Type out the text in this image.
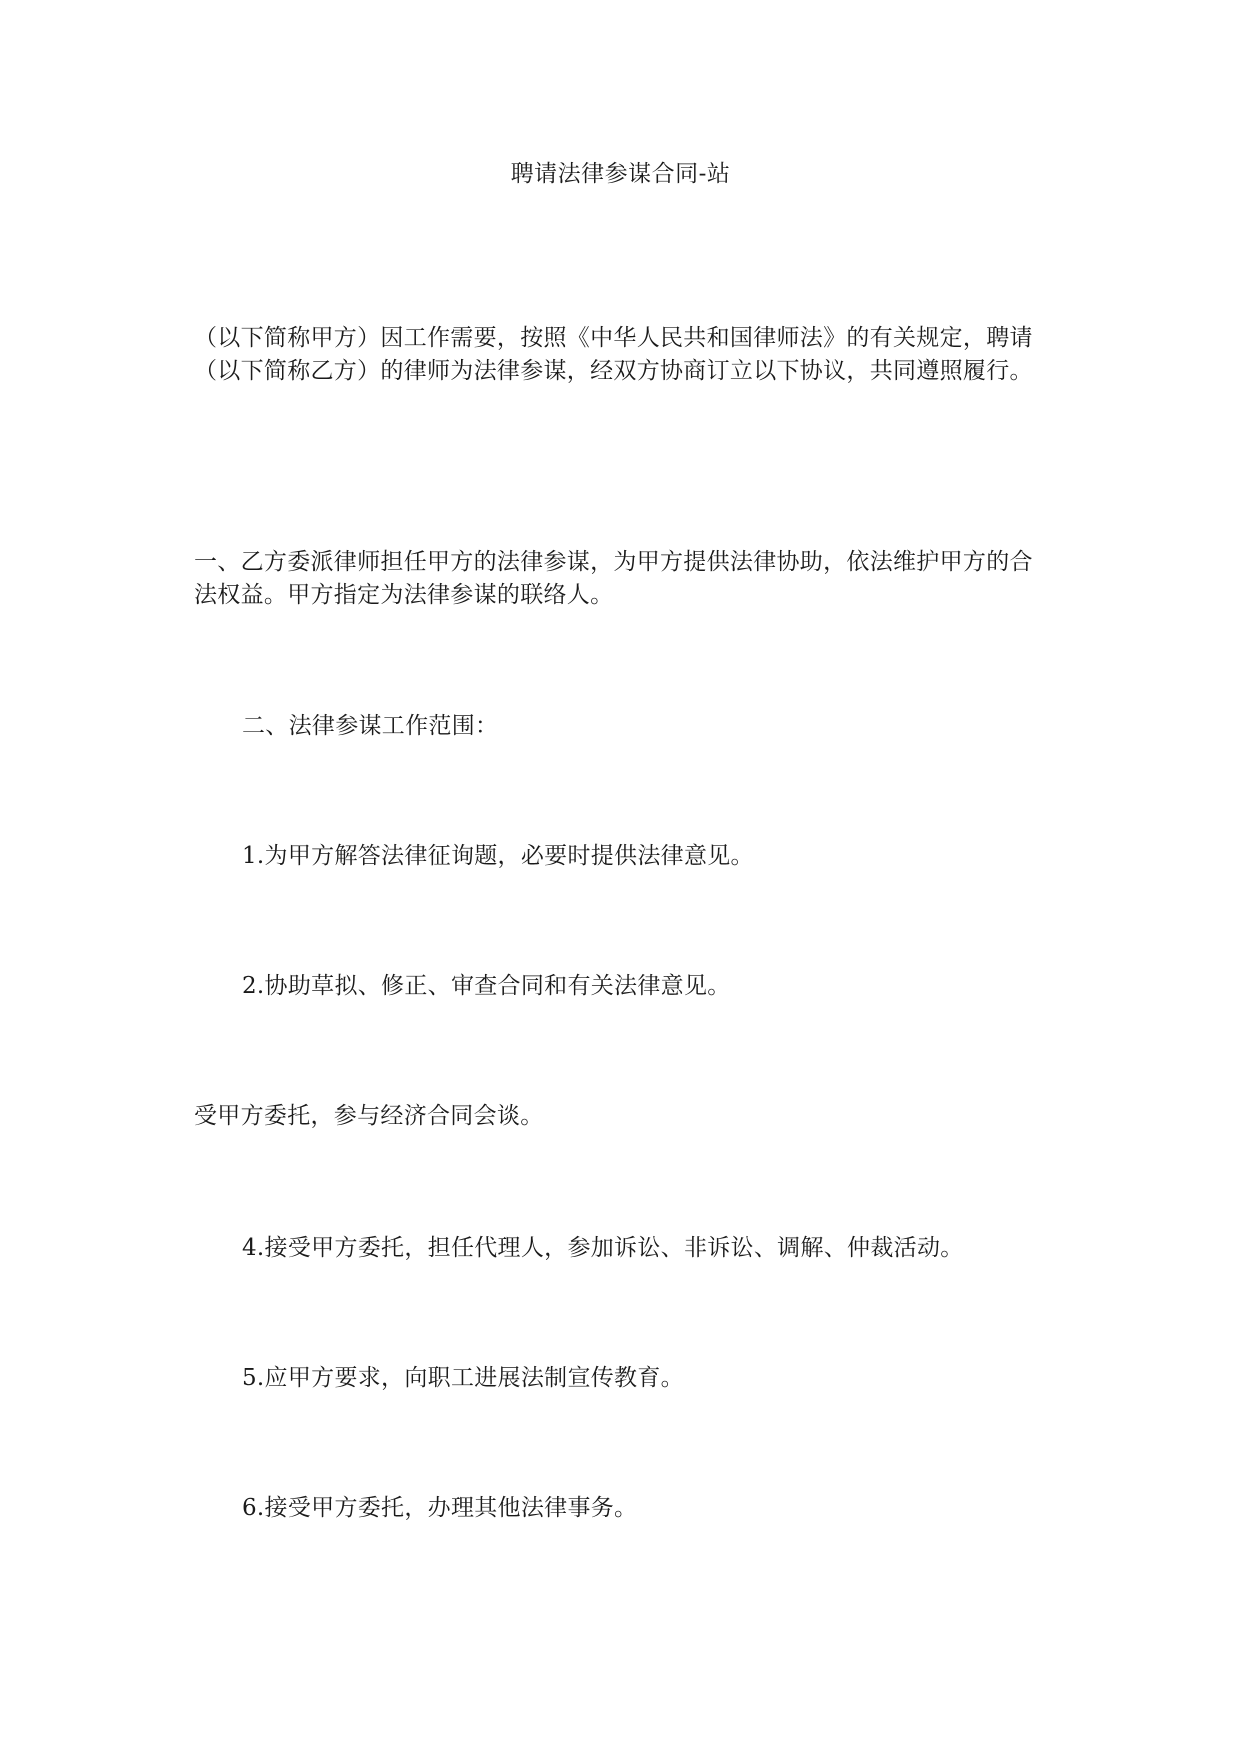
聘请法律参谋合同-站
（以下简称甲方）因工作需要，按照《中华人民共和国律师法》的有关规定，聘请（以下简称乙方）的律师为法律参谋，经双方协商订立以下协议，共同遵照履行。
一、乙方委派律师担任甲方的法律参谋，为甲方提供法律协助，依法维护甲方的合法权益。甲方指定为法律参谋的联络人。
二、法律参谋工作范围：
1.为甲方解答法律征询题，必要时提供法律意见。
2.协助草拟、修正、审查合同和有关法律意见。
受甲方委托，参与经济合同会谈。
4.接受甲方委托，担任代理人，参加诉讼、非诉讼、调解、仲裁活动。
5.应甲方要求，向职工进展法制宣传教育。
6.接受甲方委托，办理其他法律事务。
